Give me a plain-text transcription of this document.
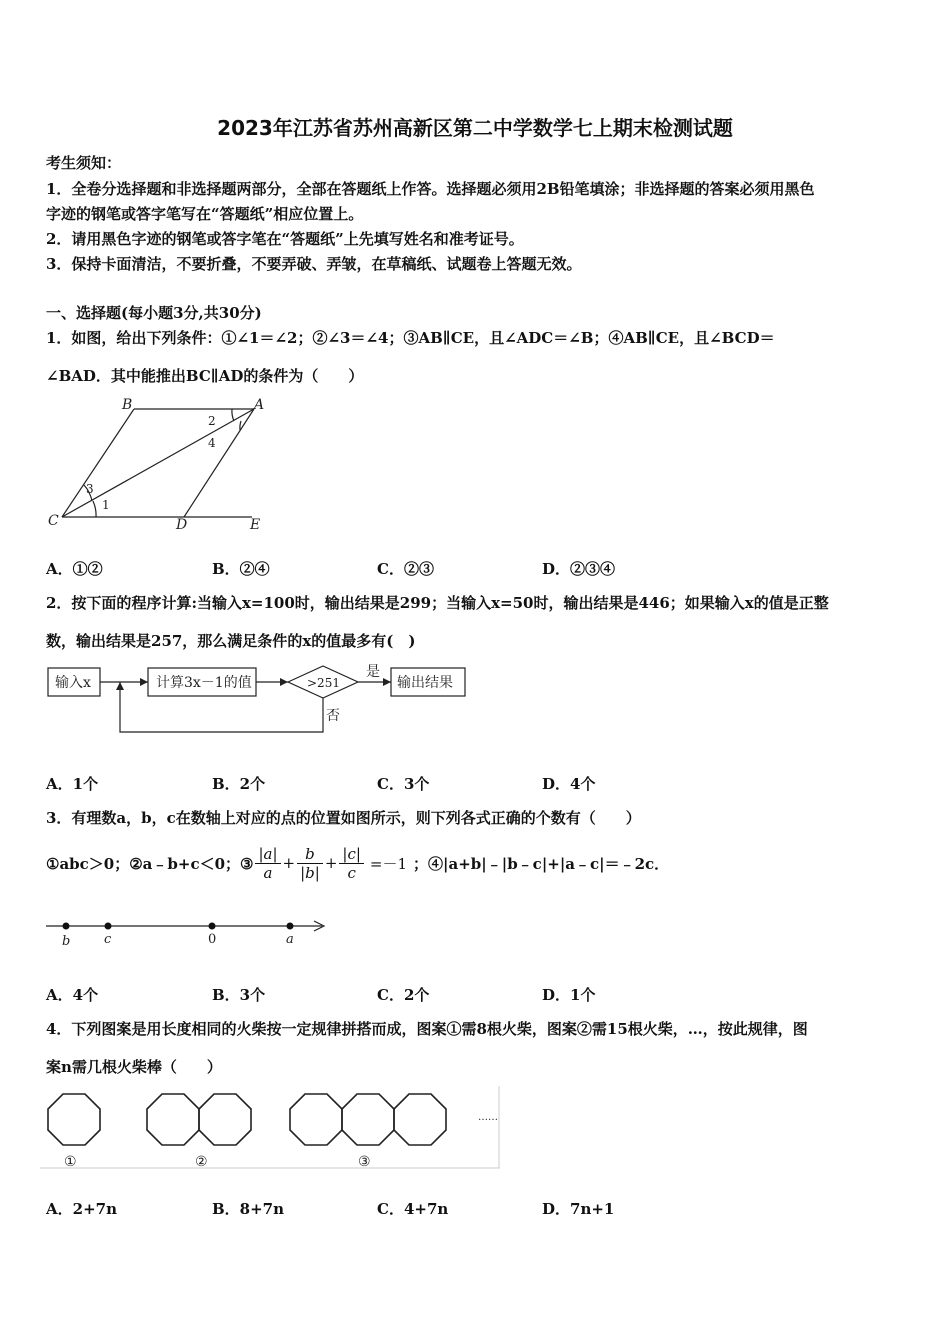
2023年江苏省苏州高新区第二中学数学七上期末检测试题
考生须知：
1．全卷分选择题和非选择题两部分，全部在答题纸上作答。选择题必须用2B铅笔填涂；非选择题的答案必须用黑色
字迹的钢笔或答字笔写在“答题纸”相应位置上。
2．请用黑色字迹的钢笔或答字笔在“答题纸”上先填写姓名和准考证号。
3．保持卡面清洁，不要折叠，不要弄破、弄皱，在草稿纸、试题卷上答题无效。
一、选择题(每小题3分,共30分)
1．如图，给出下列条件：①∠1＝∠2；②∠3＝∠4；③AB∥CE，且∠ADC＝∠B；④AB∥CE，且∠BCD＝
∠BAD．其中能推出BC∥AD的条件为（　　）
B	A
C	D	E
1
2
3
4
A．①②	B．②④	C．②③	D．②③④
2．按下面的程序计算:当输入x=100时，输出结果是299；当输入x=50时，输出结果是446；如果输入x的值是正整
数，输出结果是257，那么满足条件的x的值最多有(　)
输入x	计算3x－1的值	>251
是
否
输出结果
A．1个	B．2个	C．3个	D．4个
3．有理数a，b，c在数轴上对应的点的位置如图所示，则下列各式正确的个数有（　　）
①abc＞0；②a﹣b+c＜0；③ $\frac{|a|}{a} + \frac{b}{|b|} + \frac{|c|}{c} =-1$ ；④|a+b|﹣|b﹣c|+|a﹣c|＝﹣2c．
b	c	0	a
A．4个	B．3个	C．2个	D．1个
4．下列图案是用长度相同的火柴按一定规律拼搭而成，图案①需8根火柴，图案②需15根火柴，…，按此规律，图
案n需几根火柴棒（　　）
①	②	③
……
A．2+7n	B．8+7n	C．4+7n	D．7n+1
